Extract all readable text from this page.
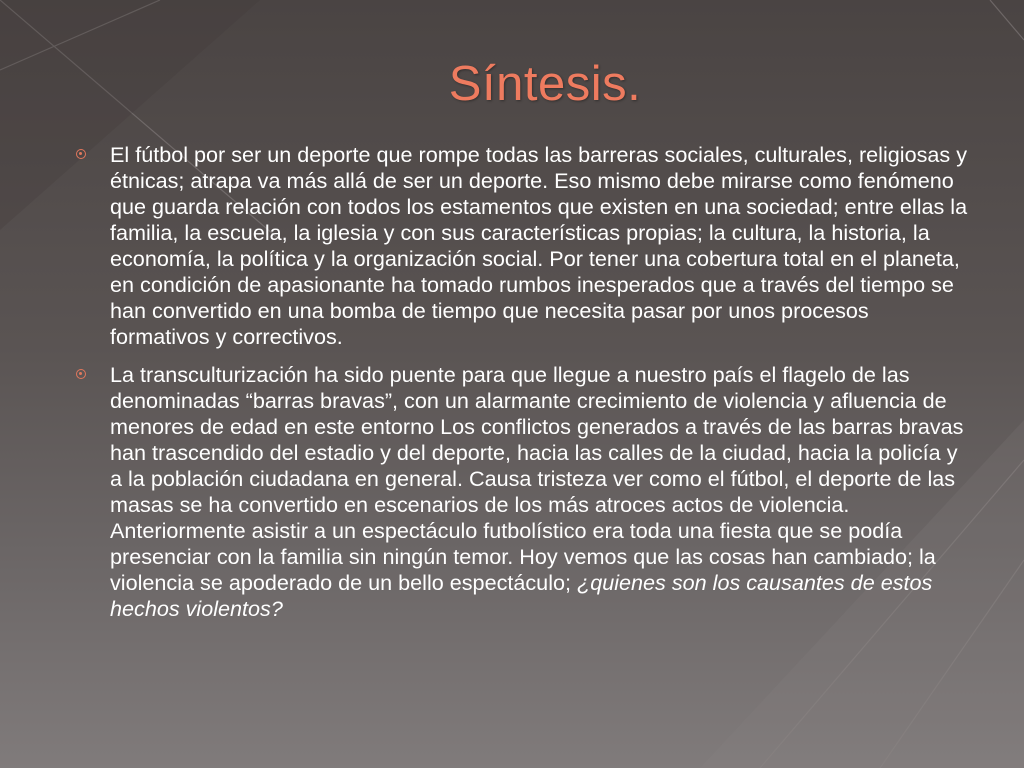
Síntesis.
El fútbol por ser un deporte que rompe todas las barreras sociales, culturales, religiosas y étnicas; atrapa va más allá de ser un deporte. Eso mismo debe mirarse como fenómeno que guarda relación con todos los estamentos que existen en una sociedad; entre ellas la familia, la escuela, la iglesia y con sus características propias; la cultura, la historia, la economía, la política y la organización social. Por tener una cobertura total en el planeta, en condición de apasionante ha tomado rumbos inesperados que a través del tiempo se han convertido en una bomba de tiempo que necesita pasar por unos procesos formativos y correctivos.
La transculturización ha sido puente para que llegue a nuestro país el flagelo de las denominadas “barras bravas”, con un alarmante crecimiento de violencia y afluencia de menores de edad en este entorno Los conflictos generados a través de las barras bravas han trascendido del estadio y del deporte, hacia las calles de la ciudad, hacia la policía y a la población ciudadana en general. Causa tristeza ver como el fútbol, el deporte de las masas se ha convertido en escenarios de los más atroces actos de violencia. Anteriormente asistir a un espectáculo futbolístico era toda una fiesta que se podía presenciar con la familia sin ningún temor. Hoy vemos que las cosas han cambiado; la violencia se apoderado de un bello espectáculo; ¿quienes son los causantes de estos hechos violentos?
